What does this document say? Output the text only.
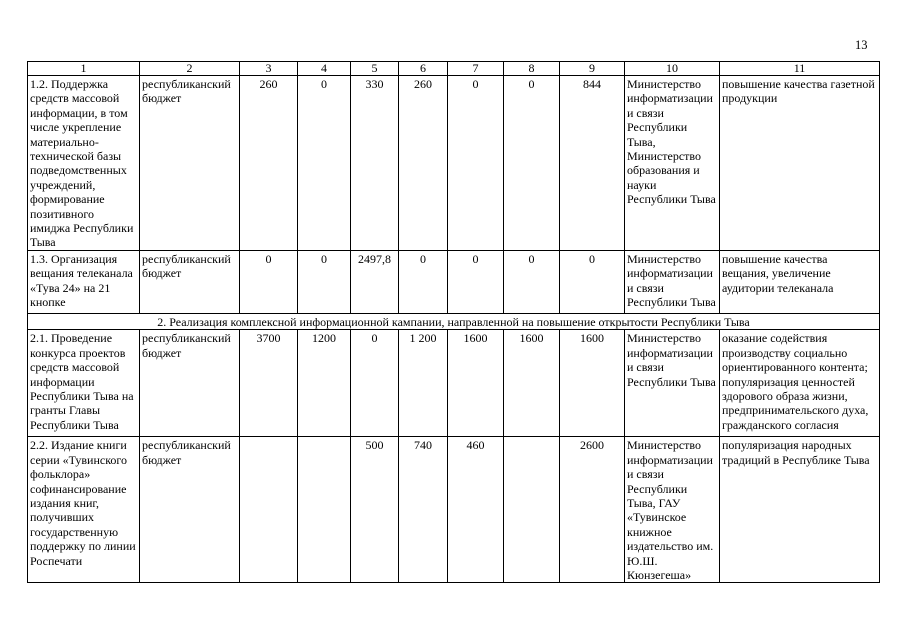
13
1	2	3	4	5	6	7	8	9	10	11
1.2. Поддержка средств массовой информации, в том числе укрепление материально-технической базы подведомственных учреждений, формирование позитивного имиджа Республики Тыва	республиканский бюджет	260	0	330	260	0	0	844	Министерство информатизации и связи Республики Тыва, Министерство образования и науки Республики Тыва	повышение качества газетной продукции
1.3. Организация вещания телеканала «Тува 24» на 21 кнопке	республиканский бюджет	0	0	2497,8	0	0	0	0	Министерство информатизации и связи Республики Тыва	повышение качества вещания, увеличение аудитории телеканала
2. Реализация комплексной информационной кампании, направленной на повышение открытости Республики Тыва										
2.1. Проведение конкурса проектов средств массовой информации Республики Тыва на гранты Главы Республики Тыва	республиканский бюджет	3700	1200	0	1 200	1600	1600	1600	Министерство информатизации и связи Республики Тыва	оказание содействия производству социально ориентированного контента; популяризация ценностей здорового образа жизни, предпринимательского духа, гражданского согласия
2.2. Издание книги серии «Тувинского фольклора» софинансирование издания книг, получивших государственную поддержку по линии Роспечати	республиканский бюджет			500	740	460		2600	Министерство информатизации и связи Республики Тыва, ГАУ «Тувинское книжное издательство им. Ю.Ш. Кюнзегеша»	популяризация народных традиций в Республике Тыва
